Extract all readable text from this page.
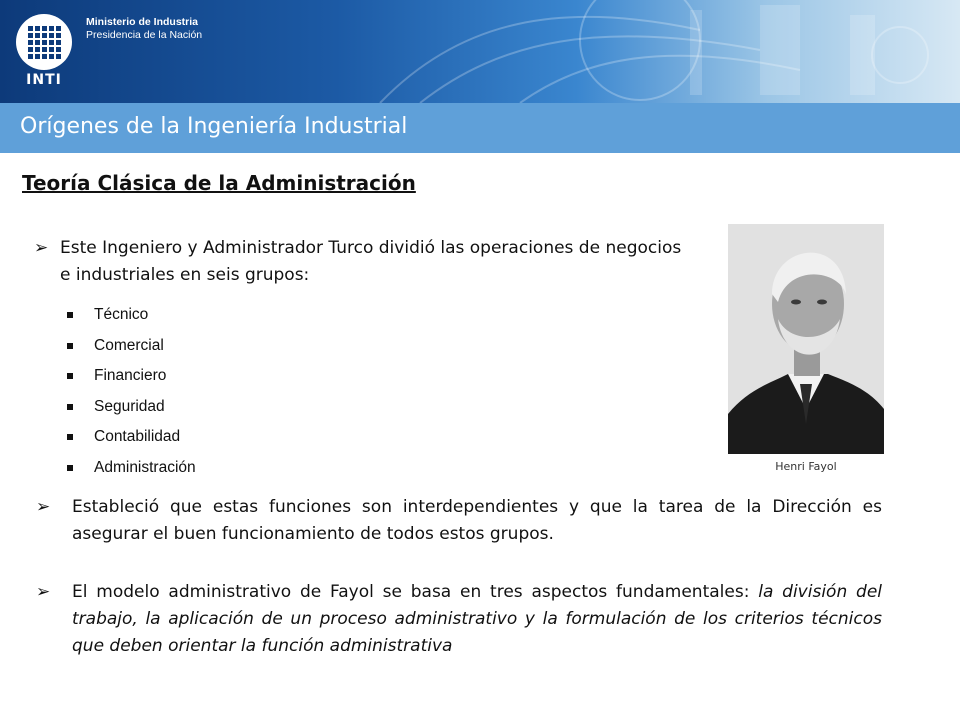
INTI
Ministerio de Industria
Presidencia de la Nación
Orígenes de la Ingeniería Industrial
Teoría Clásica de la Administración
➢ Este Ingeniero y Administrador Turco dividió las operaciones de negocios e industriales en seis grupos:
Técnico
Comercial
Financiero
Seguridad
Contabilidad
Administración	Henri Fayol
➢ Estableció que estas funciones son interdependientes y que la tarea de la Dirección es asegurar el buen funcionamiento de todos estos grupos.
➢ El modelo administrativo de Fayol se basa en tres aspectos fundamentales: la división del trabajo, la aplicación de un proceso administrativo y la formulación de los criterios técnicos que deben orientar la función administrativa
